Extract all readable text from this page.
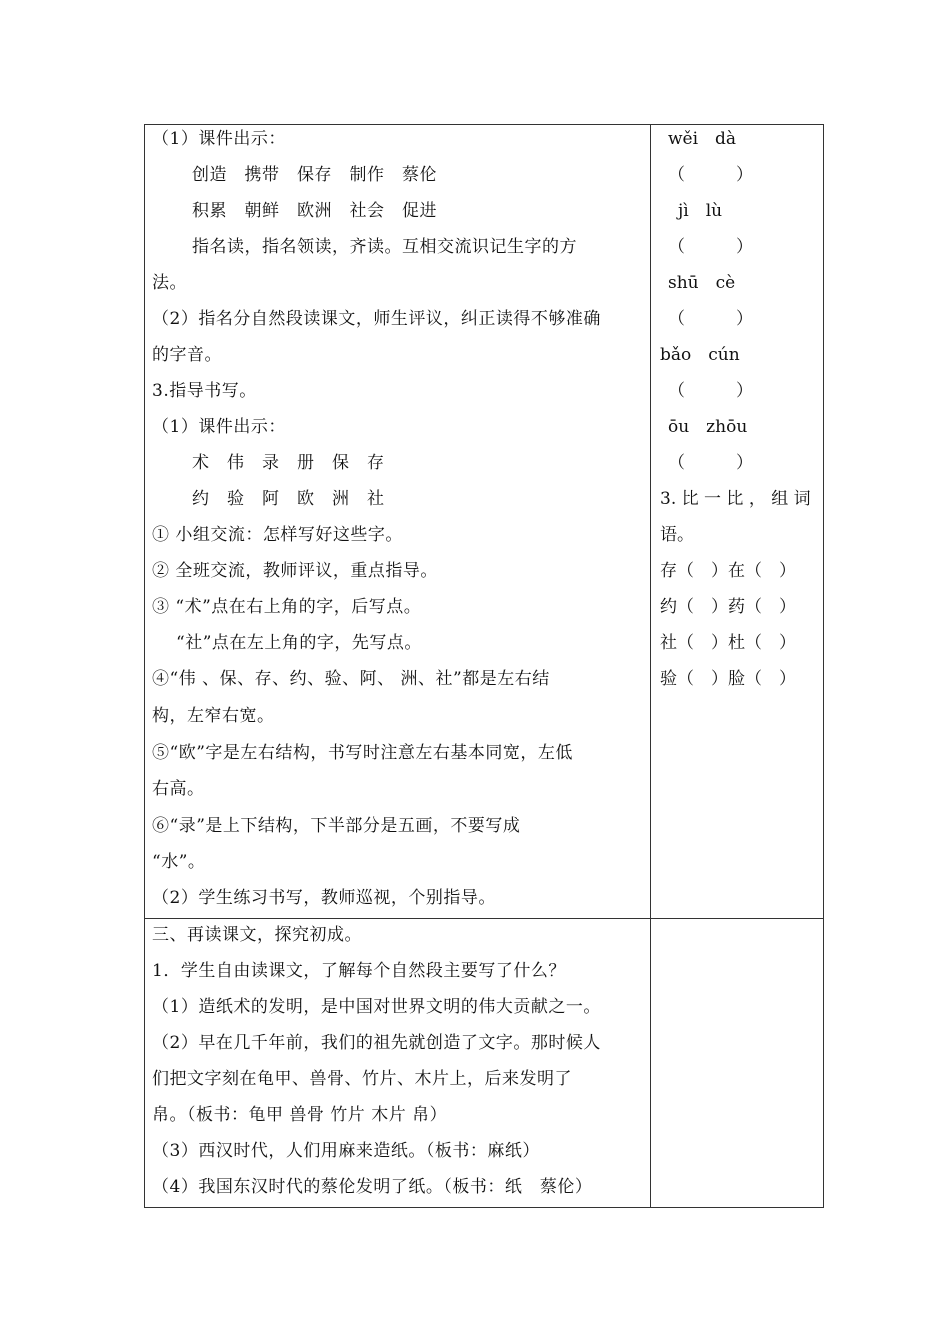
（1）课件出示：
创造　携带　保存　制作　蔡伦
积累　朝鲜　欧洲　社会　促进
指名读，指名领读，齐读。互相交流识记生字的方
法。
（2）指名分自然段读课文，师生评议，纠正读得不够准确
的字音。
3.指导书写。
（1）课件出示：
术　伟　录　册　保　存
约　验　阿　欧　洲　社
① 小组交流：怎样写好这些字。
② 全班交流，教师评议，重点指导。
③ “术”点在右上角的字，后写点。
“社”点在左上角的字，先写点。
④“伟 、保、存、约、验、阿、 洲、社”都是左右结
构，左窄右宽。
⑤“欧”字是左右结构，书写时注意左右基本同宽，左低
右高。
⑥“录”是上下结构，下半部分是五画，不要写成
“水”。
（2）学生练习书写，教师巡视，个别指导。
三、再读课文，探究初成。
1．学生自由读课文，了解每个自然段主要写了什么？
（1）造纸术的发明，是中国对世界文明的伟大贡献之一。
（2）早在几千年前，我们的祖先就创造了文字。那时候人
们把文字刻在龟甲、兽骨、竹片、木片上，后来发明了
帛。（板书：龟甲 兽骨 竹片 木片 帛）
（3）西汉时代，人们用麻来造纸。（板书：麻纸）
（4）我国东汉时代的蔡伦发明了纸。（板书：纸　蔡伦）
wěi　dà
（　　　）
jì　lù
（　　　）
shū　cè
（　　　）
bǎo　cún
（　　　）
ōu　zhōu
（　　　）
3. 比 一 比 ， 组 词
语。
存（　）在（　）
约（　）药（　）
社（　）杜（　）
验（　）脸（　）
